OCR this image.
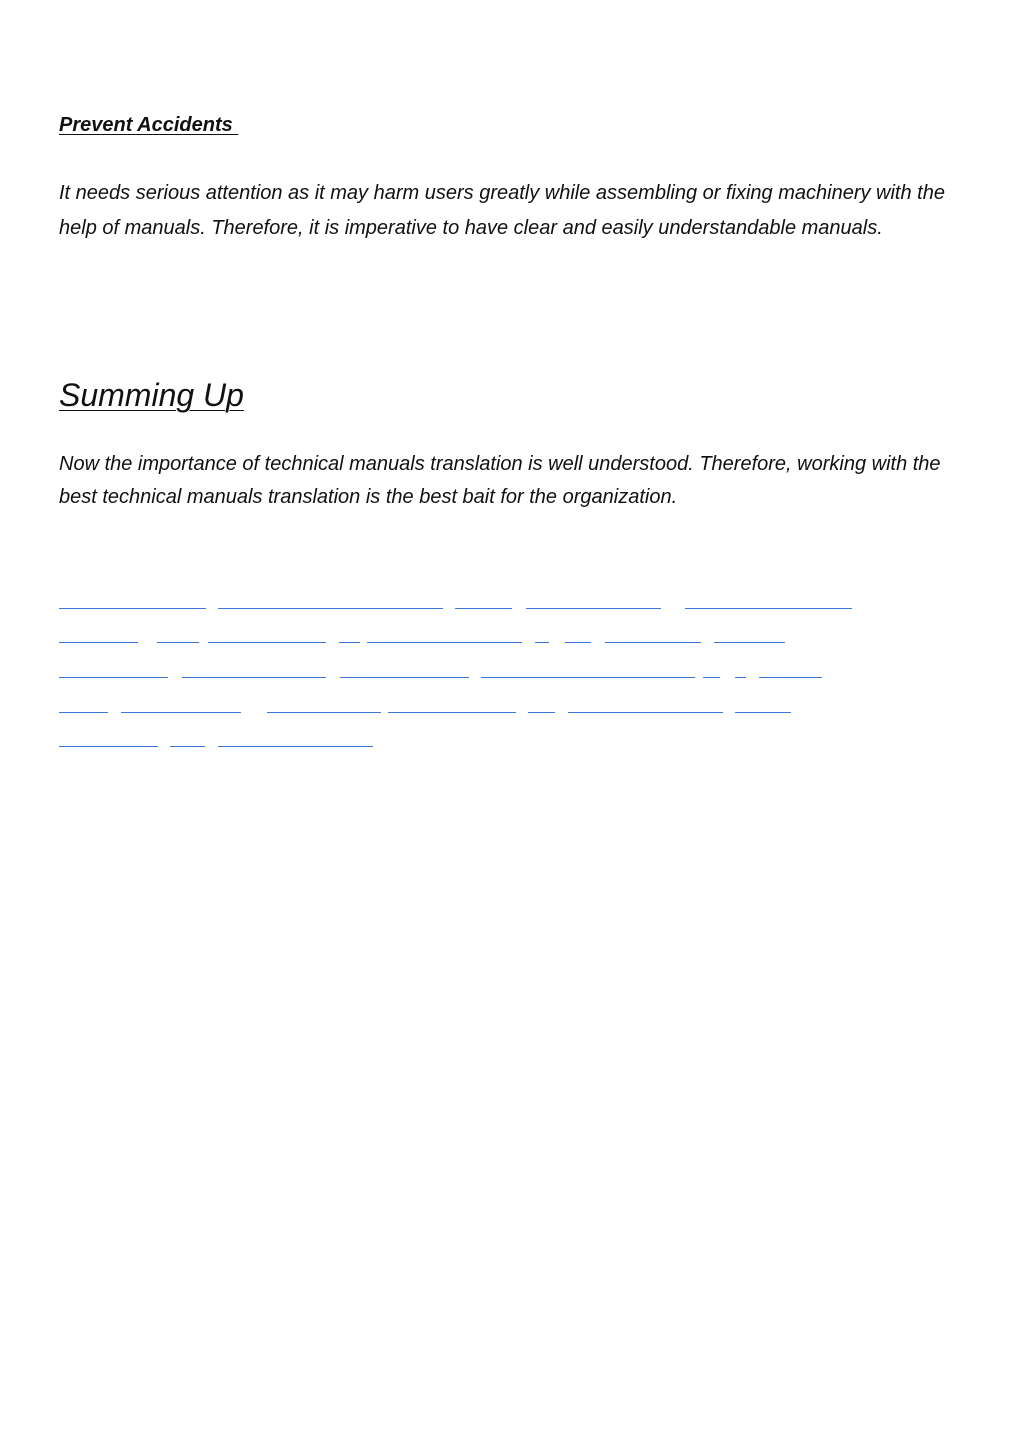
Prevent Accidents

It needs serious attention as it may harm users greatly while assembling or fixing machinery with the help of manuals. Therefore, it is imperative to have clear and easily understandable manuals.

Summing Up

Now the importance of technical manuals translation is well understood. Therefore, working with the best technical manuals translation is the best bait for the organization.
